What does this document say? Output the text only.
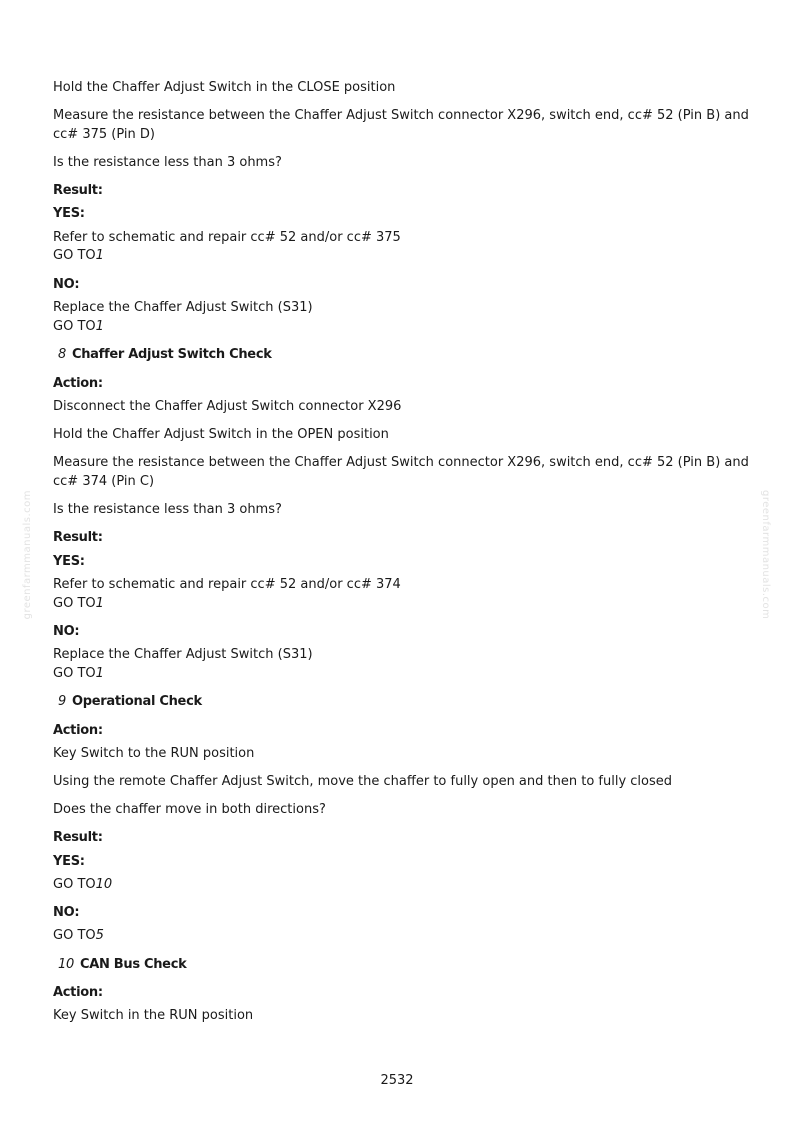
greenfarmmanuals.com	greenfarmmanuals.com
Hold the Chaffer Adjust Switch in the CLOSE position
Measure the resistance between the Chaffer Adjust Switch connector X296, switch end, cc# 52 (Pin B) and cc# 375 (Pin D)
Is the resistance less than 3 ohms?
Result:
YES:
Refer to schematic and repair cc# 52 and/or cc# 375
GO TO1
NO:
Replace the Chaffer Adjust Switch (S31)
GO TO1
8 Chaffer Adjust Switch Check
Action:
Disconnect the Chaffer Adjust Switch connector X296
Hold the Chaffer Adjust Switch in the OPEN position
Measure the resistance between the Chaffer Adjust Switch connector X296, switch end, cc# 52 (Pin B) and cc# 374 (Pin C)
Is the resistance less than 3 ohms?
Result:
YES:
Refer to schematic and repair cc# 52 and/or cc# 374
GO TO1
NO:
Replace the Chaffer Adjust Switch (S31)
GO TO1
9 Operational Check
Action:
Key Switch to the RUN position
Using the remote Chaffer Adjust Switch, move the chaffer to fully open and then to fully closed
Does the chaffer move in both directions?
Result:
YES:
GO TO10
NO:
GO TO5
10 CAN Bus Check
Action:
Key Switch in the RUN position
2532
